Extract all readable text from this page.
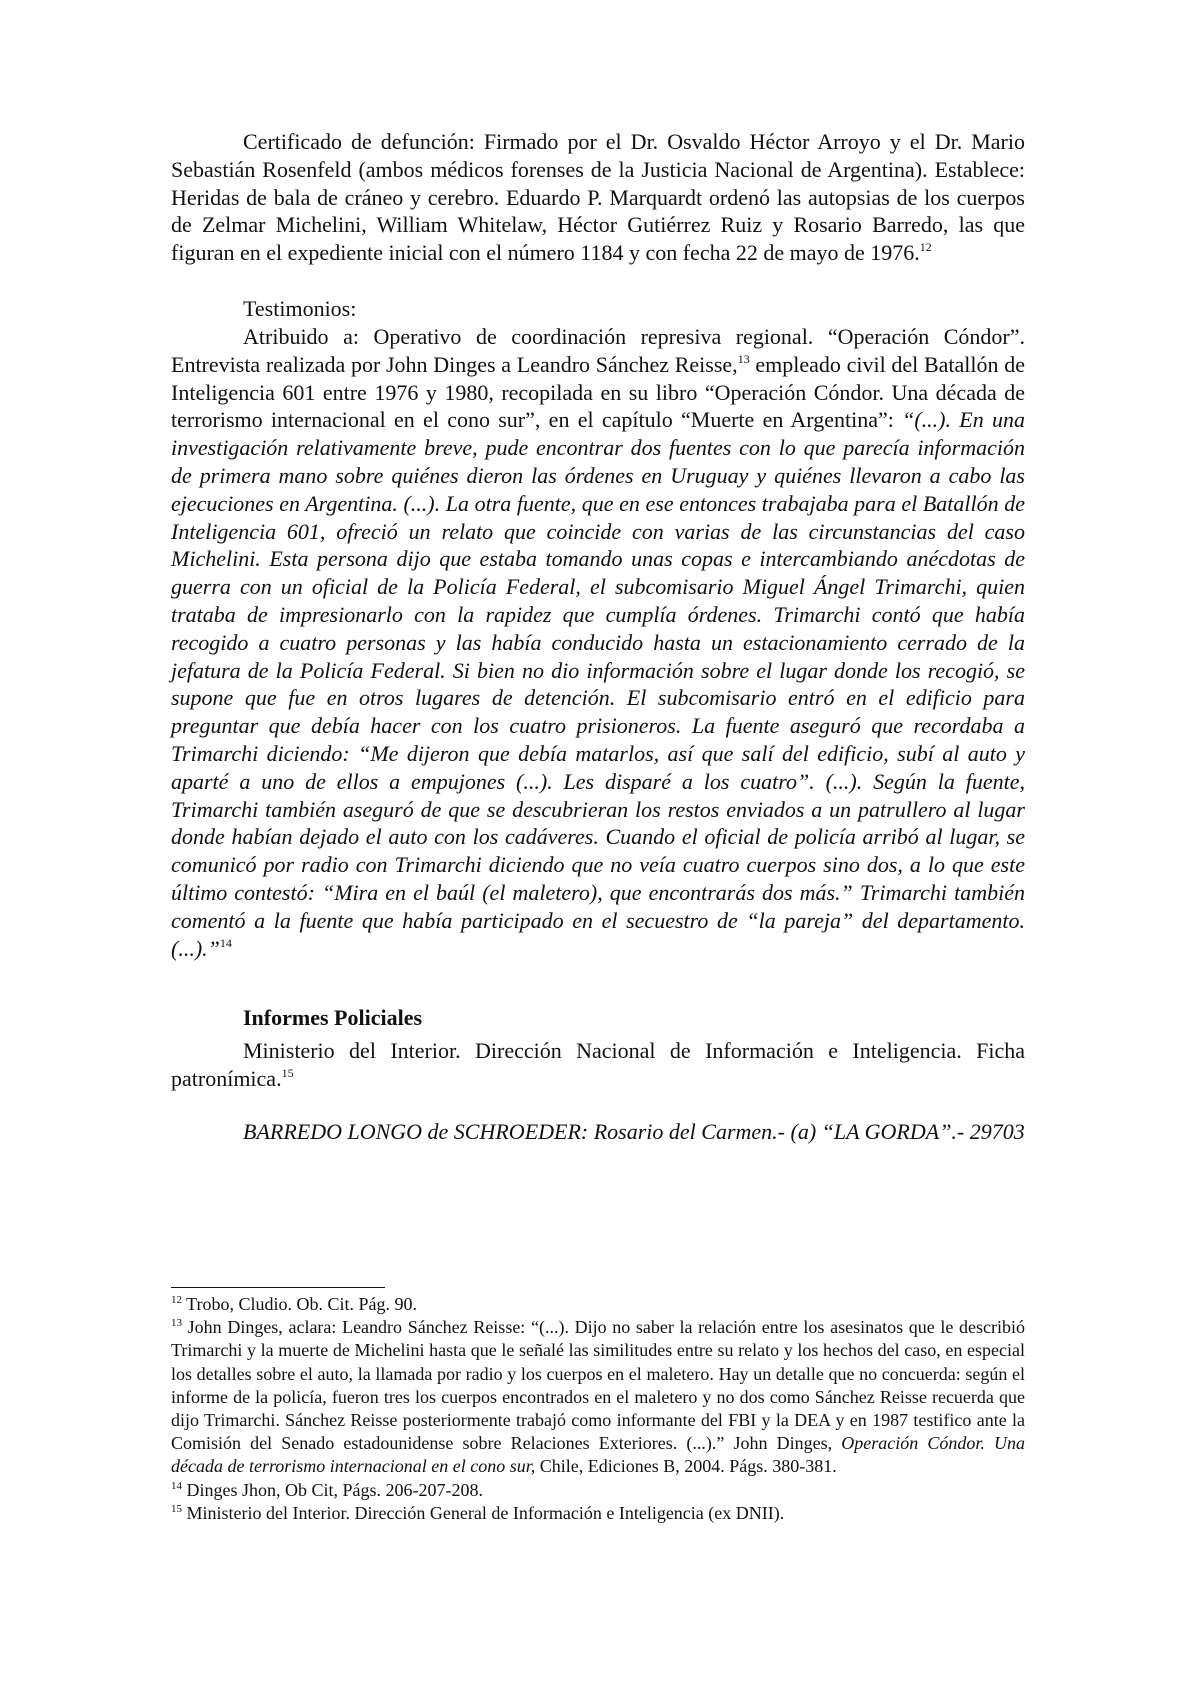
Certificado de defunción: Firmado por el Dr. Osvaldo Héctor Arroyo y el Dr. Mario Sebastián Rosenfeld (ambos médicos forenses de la Justicia Nacional de Argentina). Establece: Heridas de bala de cráneo y cerebro. Eduardo P. Marquardt ordenó las autopsias de los cuerpos de Zelmar Michelini, William Whitelaw, Héctor Gutiérrez Ruiz y Rosario Barredo, las que figuran en el expediente inicial con el número 1184 y con fecha 22 de mayo de 1976.12

Testimonios:

Atribuido a: Operativo de coordinación represiva regional. “Operación Cóndor”. Entrevista realizada por John Dinges a Leandro Sánchez Reisse,$^{13}$ empleado civil del Batallón de Inteligencia 601 entre 1976 y 1980, recopilada en su libro “Operación Cóndor. Una década de terrorismo internacional en el cono sur”, en el capítulo “Muerte en Argentina”: “(...). En una investigación relativamente breve, pude encontrar dos fuentes con lo que parecía información de primera mano sobre quiénes dieron las órdenes en Uruguay y quiénes llevaron a cabo las ejecuciones en Argentina. (...). La otra fuente, que en ese entonces trabajaba para el Batallón de Inteligencia 601, ofreció un relato que coincide con varias de las circunstancias del caso Michelini. Esta persona dijo que estaba tomando unas copas e intercambiando anécdotas de guerra con un oficial de la Policía Federal, el subcomisario Miguel Ángel Trimarchi, quien trataba de impresionarlo con la rapidez que cumplía órdenes. Trimarchi contó que había recogido a cuatro personas y las había conducido hasta un estacionamiento cerrado de la jefatura de la Policía Federal. Si bien no dio información sobre el lugar donde los recogió, se supone que fue en otros lugares de detención. El subcomisario entró en el edificio para preguntar que debía hacer con los cuatro prisioneros. La fuente aseguró que recordaba a Trimarchi diciendo: “Me dijeron que debía matarlos, así que salí del edificio, subí al auto y aparté a uno de ellos a empujones (...). Les disparé a los cuatro”. (...). Según la fuente, Trimarchi también aseguró de que se descubrieran los restos enviados a un patrullero al lugar donde habían dejado el auto con los cadáveres. Cuando el oficial de policía arribó al lugar, se comunicó por radio con Trimarchi diciendo que no veía cuatro cuerpos sino dos, a lo que este último contestó: “Mira en el baúl (el maletero), que encontrarás dos más.” Trimarchi también comentó a la fuente que había participado en el secuestro de “la pareja” del departamento. (...).”$^{14}$

Informes Policiales

Ministerio del Interior. Dirección Nacional de Información e Inteligencia. Ficha patronímica.$^{15}$

BARREDO LONGO de SCHROEDER: Rosario del Carmen.- (a) “LA GORDA”.- 29703

$^{12}$ Trobo, Cludio. Ob. Cit. Pág. 90.

$^{13}$ John Dinges, aclara: Leandro Sánchez Reisse: “(...). Dijo no saber la relación entre los asesinatos que le describió Trimarchi y la muerte de Michelini hasta que le señalé las similitudes entre su relato y los hechos del caso, en especial los detalles sobre el auto, la llamada por radio y los cuerpos en el maletero. Hay un detalle que no concuerda: según el informe de la policía, fueron tres los cuerpos encontrados en el maletero y no dos como Sánchez Reisse recuerda que dijo Trimarchi. Sánchez Reisse posteriormente trabajó como informante del FBI y la DEA y en 1987 testifico ante la Comisión del Senado estadounidense sobre Relaciones Exteriores. (...).” John Dinges, Operación Cóndor. Una década de terrorismo internacional en el cono sur, Chile, Ediciones B, 2004. Págs. 380-381.

$^{14}$ Dinges Jhon, Ob Cit, Págs. 206-207-208.

$^{15}$ Ministerio del Interior. Dirección General de Información e Inteligencia (ex DNII).
